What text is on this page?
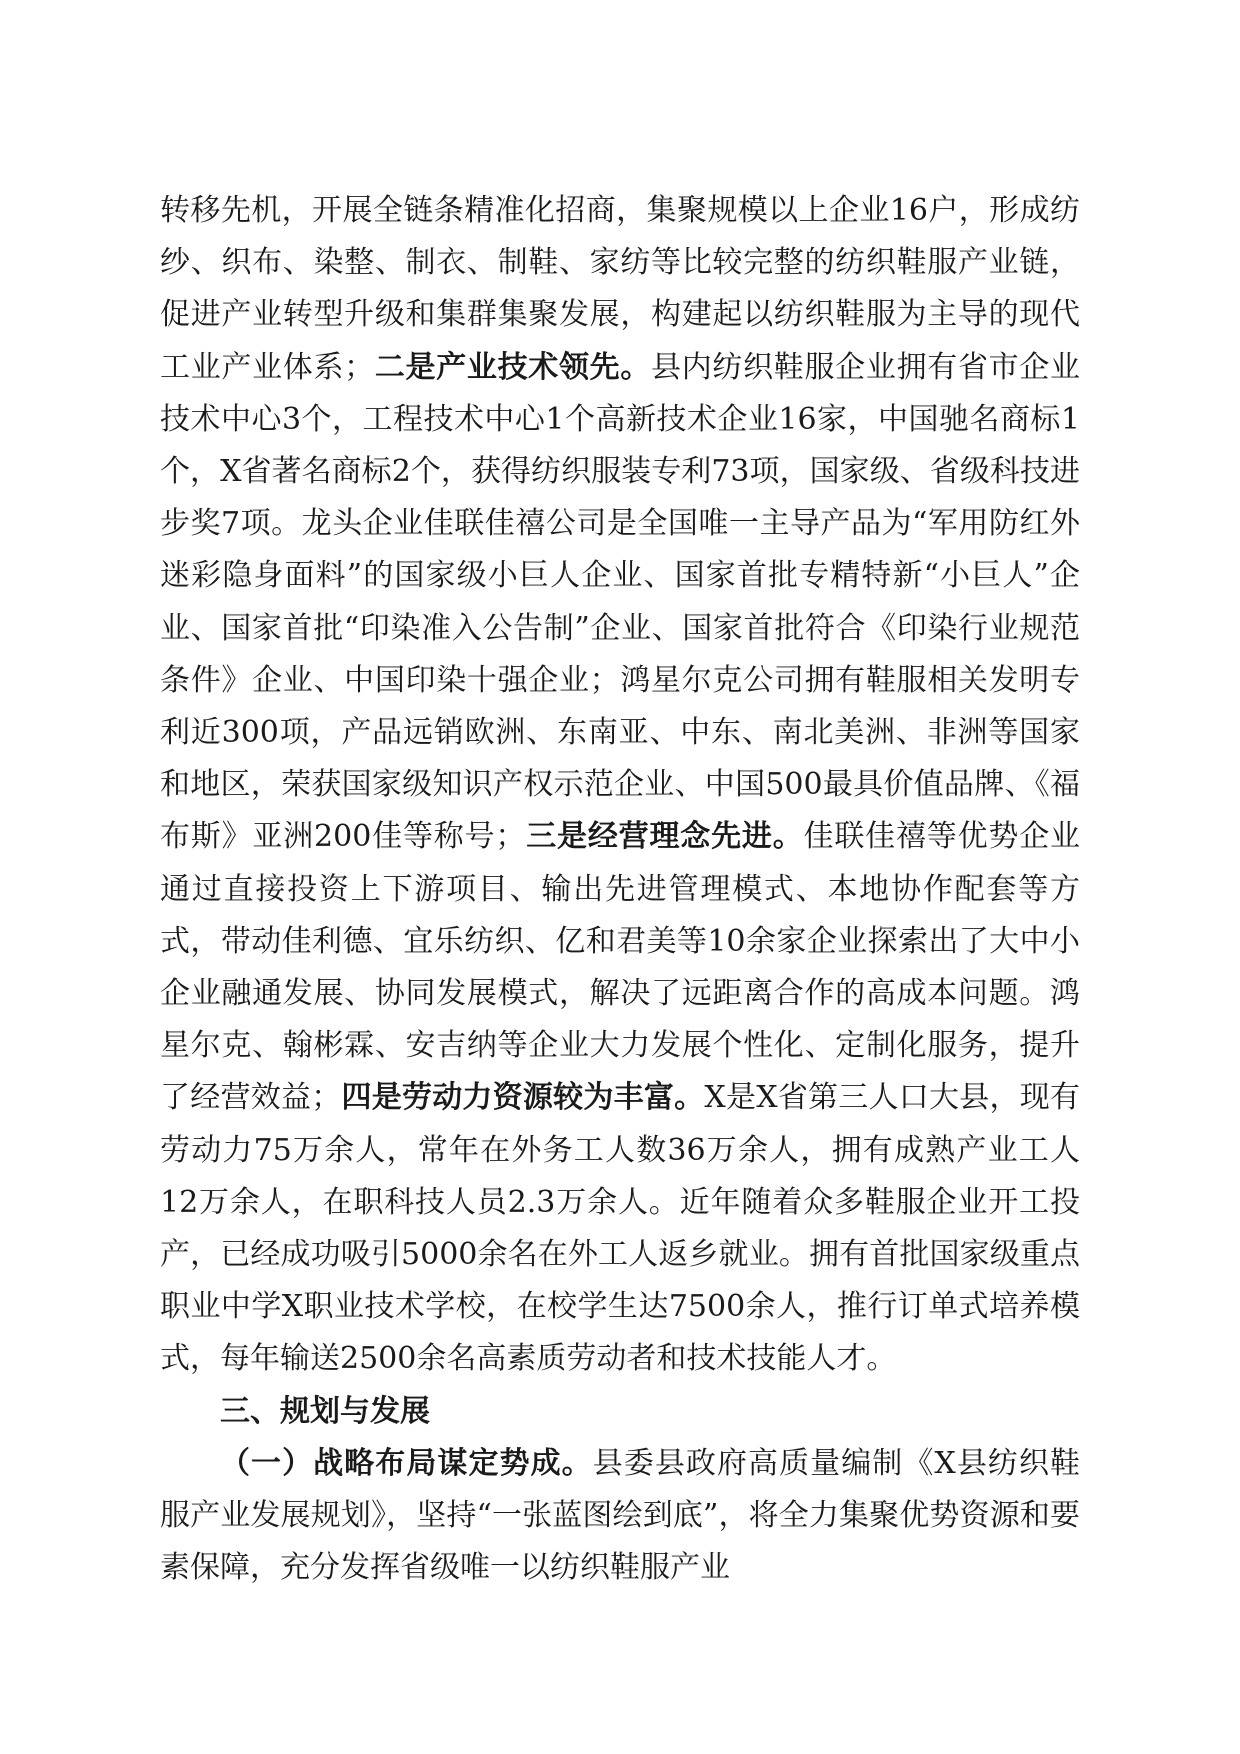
转移先机，开展全链条精准化招商，集聚规模以上企业16户，形成纺纱、织布、染整、制衣、制鞋、家纺等比较完整的纺织鞋服产业链，促进产业转型升级和集群集聚发展，构建起以纺织鞋服为主导的现代工业产业体系；二是产业技术领先。县内纺织鞋服企业拥有省市企业技术中心3个，工程技术中心1个高新技术企业16家，中国驰名商标1个，X省著名商标2个，获得纺织服装专利73项，国家级、省级科技进步奖7项。龙头企业佳联佳禧公司是全国唯一主导产品为“军用防红外迷彩隐身面料”的国家级小巨人企业、国家首批专精特新“小巨人”企业、国家首批“印染准入公告制”企业、国家首批符合《印染行业规范条件》企业、中国印染十强企业；鸿星尔克公司拥有鞋服相关发明专利近300项，产品远销欧洲、东南亚、中东、南北美洲、非洲等国家和地区，荣获国家级知识产权示范企业、中国500最具价值品牌、《福布斯》亚洲200佳等称号；三是经营理念先进。佳联佳禧等优势企业通过直接投资上下游项目、输出先进管理模式、本地协作配套等方式，带动佳利德、宜乐纺织、亿和君美等10余家企业探索出了大中小企业融通发展、协同发展模式，解决了远距离合作的高成本问题。鸿星尔克、翰彬霖、安吉纳等企业大力发展个性化、定制化服务，提升了经营效益；四是劳动力资源较为丰富。X是X省第三人口大县，现有劳动力75万余人，常年在外务工人数36万余人，拥有成熟产业工人12万余人，在职科技人员2.3万余人。近年随着众多鞋服企业开工投产，已经成功吸引5000余名在外工人返乡就业。拥有首批国家级重点职业中学X职业技术学校，在校学生达7500余人，推行订单式培养模式，每年输送2500余名高素质劳动者和技术技能人才。

三、规划与发展

（一）战略布局谋定势成。县委县政府高质量编制《X县纺织鞋服产业发展规划》，坚持“一张蓝图绘到底”，将全力集聚优势资源和要素保障，充分发挥省级唯一以纺织鞋服产业
